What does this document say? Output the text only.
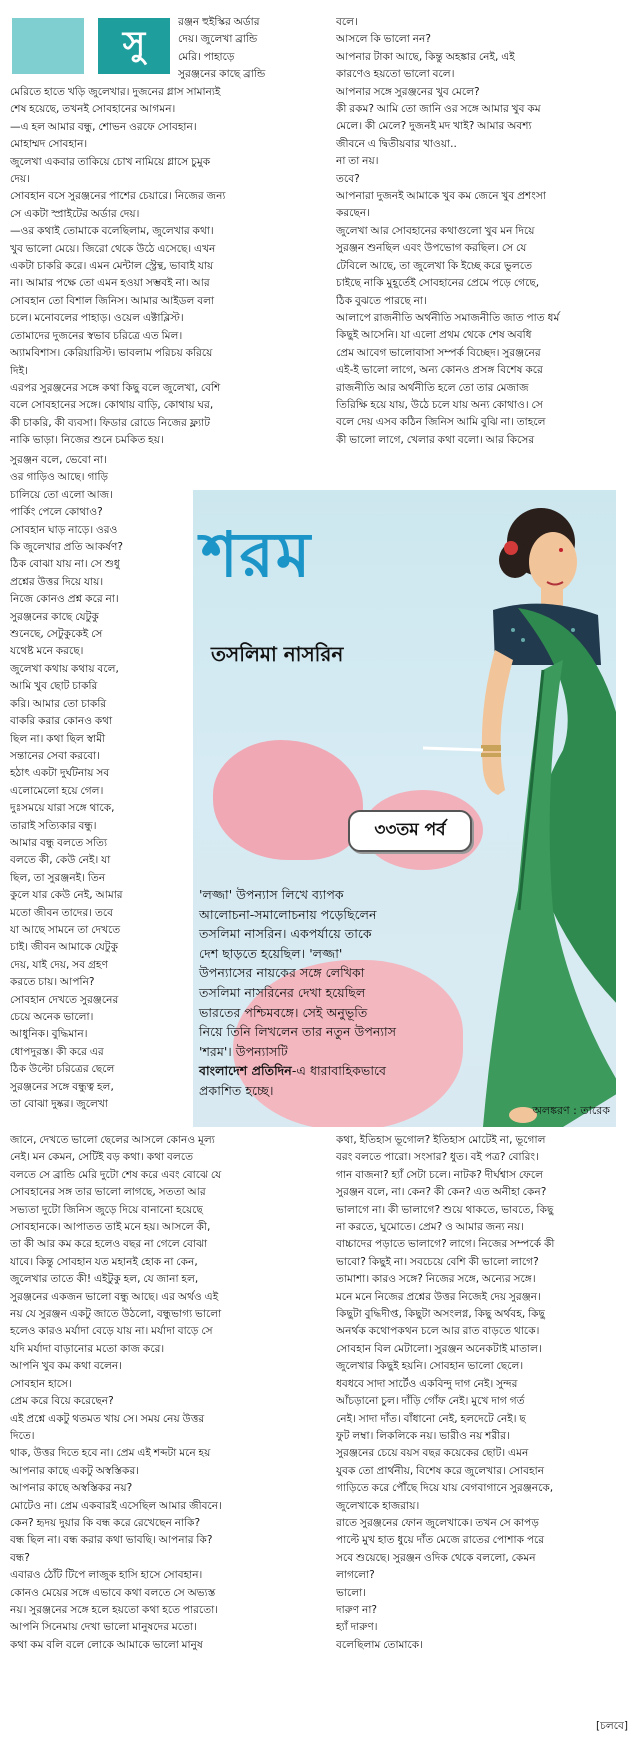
সু

রঞ্জন হুইস্কির অর্ডার

দেয়। জুলেখা ব্রান্ডি

মেরি। পাহাড়ে

সুরঞ্জনের কাছে ব্রান্ডি

মেরিতে হাতে খড়ি জুলেখার। দুজনের গ্লাস সামান্যই

শেষ হয়েছে, তখনই সোবহানের আগমন।

—এ হল আমার বন্ধু, শোভন ওরফে সোবহান।

মোহাম্মদ সোবহান।

জুলেখা একবার তাকিয়ে চোখ নামিয়ে গ্লাসে চুমুক

দেয়।

সোবহান বসে সুরঞ্জনের পাশের চেয়ারে। নিজের জন্য

সে একটা স্প্রাইটের অর্ডার দেয়।

—ওর কথাই তোমাকে বলেছিলাম, জুলেখার কথা।

খুব ভালো মেয়ে। জিরো থেকে উঠে এসেছে। এখন

একটা চাকরি করে। এমন মেন্টাল স্ট্রেন্থ, ভাবাই যায়

না। আমার পক্ষে তো এমন হওয়া সম্ভবই না। আর

সোবহান তো বিশাল জিনিস। আমার আইডল বলা

চলে। মনোবলের পাহাড়। ওয়েল এক্টাব্লিস্ট।

তোমাদের দুজনের স্বভাব চরিত্রে এত মিল।

অ্যামবিশাস। কেরিয়ারিস্ট। ভাবলাম পরিচয় করিয়ে

দিই।

এরপর সুরঞ্জনের সঙ্গে কথা কিছু বলে জুলেখা, বেশি

বলে সোবহানের সঙ্গে। কোথায় বাড়ি, কোথায় ঘর,

কী চাকরি, কী ব্যবসা। ফিডার রোডে নিজের ফ্ল্যাট

নাকি ভাড়া। নিজের শুনে চমকিত হয়।

সুরঞ্জন বলে, ভেবো না।

ওর গাড়িও আছে। গাড়ি

চালিয়ে তো এলো আজ।

পার্কিং পেলে কোথাও?

সোবহান ঘাড় নাড়ে। ওরও

কি জুলেখার প্রতি আকর্ষণ?

ঠিক বোঝা যায় না। সে শুধু

প্রশ্নের উত্তর দিয়ে যায়।

নিজে কোনও প্রশ্ন করে না।

সুরঞ্জনের কাছে যেটুকু

শুনেছে, সেটুকুকেই সে

যথেষ্ট মনে করছে।

জুলেখা কথায় কথায় বলে,

আমি খুব ছোট চাকরি

করি। আমার তো চাকরি

বাকরি করার কোনও কথা

ছিল না। কথা ছিল স্বামী

সন্তানের সেবা করবো।

হঠাৎ একটা দুর্ঘটনায় সব

এলোমেলো হয়ে গেল।

দুঃসময়ে যারা সঙ্গে থাকে,

তারাই সত্যিকার বন্ধু।

আমার বন্ধু বলতে সত্যি

বলতে কী, কেউ নেই। যা

ছিল, তা সুরঞ্জনই। তিন

কুলে যার কেউ নেই, আমার

মতো জীবন তাদের। তবে

যা আছে সামনে তা দেখতে

চাই। জীবন আমাকে যেটুকু

দেয়, যাই দেয়, সব গ্রহণ

করতে চায়। আপনি?

সোবহান দেখতে সুরঞ্জনের

চেয়ে অনেক ভালো।

আধুনিক। বুদ্ধিমান।

ধোপদুরস্ত। কী করে এর

ঠিক উল্টো চরিত্রের ছেলে

সুরঞ্জনের সঙ্গে বন্ধুত্ব হল,

তা বোঝা দুষ্কর। জুলেখা

বলে।

আসলে কি ভালো নন?

আপনার টাকা আছে, কিন্তু অহঙ্কার নেই, এই

কারণেও হয়তো ভালো বলে।

আপনার সঙ্গে সুরঞ্জনের খুব মেলে?

কী রকম? আমি তো জানি ওর সঙ্গে আমার খুব কম

মেলে। কী মেলে? দুজনই মদ খাই? আমার অবশ্য

জীবনে এ দ্বিতীয়বার খাওয়া..

না তা নয়।

তবে?

আপনারা দুজনই আমাকে খুব কম জেনে খুব প্রশংসা

করছেন।

জুলেখা আর সোবহানের কথাগুলো খুব মন দিয়ে

সুরঞ্জন শুনছিল এবং উপভোগ করছিল। সে যে

টেবিলে আছে, তা জুলেখা কি ইচ্ছে করে ভুলতে

চাইছে নাকি মুহূর্তেই সোবহানের প্রেমে পড়ে গেছে,

ঠিক বুঝতে পারছে না।

আলাপে রাজনীতি অর্থনীতি সমাজনীতি জাত পাত ধর্ম

কিছুই আসেনি। যা এলো প্রথম থেকে শেষ অবধি

প্রেম আবেগ ভালোবাসা সম্পর্ক বিচ্ছেদ। সুরঞ্জনের

এই-ই ভালো লাগে, অন্য কোনও প্রসঙ্গ বিশেষ করে

রাজনীতি আর অর্থনীতি হলে তো তার মেজাজ

তিরিক্ষি হয়ে যায়, উঠে চলে যায় অন্য কোথাও। সে

বলে দেয় এসব কঠিন জিনিস আমি বুঝি না। তাহলে

কী ভালো লাগে, খেলার কথা বলো। আর কিসের

শরম
তসলিমা নাসরিন
৩৩তম পর্ব
'লজ্জা' উপন্যাস লিখে ব্যাপক
আলোচনা-সমালোচনায় পড়েছিলেন
তসলিমা নাসরিন। একপর্যায়ে তাকে
দেশ ছাড়তে হয়েছিল। 'লজ্জা'
উপন্যাসের নায়কের সঙ্গে লেখিকা
তসলিমা নাসরিনের দেখা হয়েছিল
ভারতের পশ্চিমবঙ্গে। সেই অনুভূতি
নিয়ে তিনি লিখলেন তার নতুন উপন্যাস
'শরম'। উপন্যাসটি
বাংলাদেশ প্রতিদিন-এ ধারাবাহিকভাবে
প্রকাশিত হচ্ছে।
অলঙ্করণ : তারেক

জানে, দেখতে ভালো ছেলের আসলে কোনও মূল্য

নেই। মন কেমন, সেটিই বড় কথা। কথা বলতে

বলতে সে ব্রান্ডি মেরি দুটো শেষ করে এবং বোঝে যে

সোবহানের সঙ্গ তার ভালো লাগছে, সততা আর

সভ্যতা দুটো জিনিস জুড়ে দিয়ে বানানো হয়েছে

সোবহানকে। আপাতত তাই মনে হয়। আসলে কী,

তা কী আর কম করে হলেও বছর না গেলে বোঝা

যাবে। কিন্তু সোবহান যত মহানই হোক না কেন,

জুলেখার তাতে কী! এইটুকু হল, যে জানা হল,

সুরঞ্জনের একজন ভালো বন্ধু আছে। এর অর্থও এই

নয় যে সুরঞ্জন একটু জাতে উঠলো, বন্ধুভাগ্য ভালো

হলেও কারও মর্যাদা বেড়ে যায় না। মর্যাদা বাড়ে সে

যদি মর্যাদা বাড়ানোর মতো কাজ করে।

আপনি খুব কম কথা বলেন।

সোবহান হাসে।

প্রেম করে বিয়ে করেছেন?

এই প্রশ্নে একটু থতমত খায় সে। সময় নেয় উত্তর

দিতে।

থাক, উত্তর দিতে হবে না। প্রেম এই শব্দটা মনে হয়

আপনার কাছে একটু অস্বস্তিকর।

আপনার কাছে অস্বস্তিকর নয়?

মোটেও না। প্রেম একবারই এসেছিল আমার জীবনে।

কেন? হৃদয় দুয়ার কি বন্ধ করে রেখেছেন নাকি?

বন্ধ ছিল না। বন্ধ করার কথা ভাবছি। আপনার কি?

বন্ধ?

এবারও ঠোঁট টিপে লাজুক হাসি হাসে সোবহান।

কোনও মেয়ের সঙ্গে এভাবে কথা বলতে সে অভ্যস্ত

নয়। সুরঞ্জনের সঙ্গে হলে হয়তো কথা হতে পারতো।

আপনি সিনেমায় দেখা ভালো মানুষদের মতো।

কথা কম বলি বলে লোকে আমাকে ভালো মানুষ

কথা, ইতিহাস ভূগোল? ইতিহাস মোটেই না, ভূগোল

বরং বলতে পারো। সংসার? ধুত। বই পত্র? বোরিং।

গান বাজনা? হ্যাঁ সেটা চলে। নাটক? দীর্ঘশ্বাস ফেলে

সুরঞ্জন বলে, না। কেন? কী কেন? এত অনীহা কেন?

ভালাগে না। কী ভালাগে? শুয়ে থাকতে, ভাবতে, কিছু

না করতে, ঘুমোতে। প্রেম? ও আমার জন্য নয়।

বাচ্চাদের পড়াতে ভালাগে? লাগে। নিজের সম্পর্কে কী

ভাবো? কিছুই না। সবচেয়ে বেশি কী ভালো লাগে?

তামাশা। কারও সঙ্গে? নিজের সঙ্গে, অন্যের সঙ্গে।

মনে মনে নিজের প্রশ্নের উত্তর নিজেই দেয় সুরঞ্জন।

কিছুটা বুদ্ধিদীপ্ত, কিছুটা অসংলগ্ন, কিছু অর্থবহ, কিছু

অনর্থক কথোপকথন চলে আর রাত বাড়তে থাকে।

সোবহান বিল মেটালো। সুরঞ্জন অনেকটাই মাতাল।

জুলেখার কিছুই হয়নি। সোবহান ভালো ছেলে।

ধবধবে সাদা সার্টেও একবিন্দু দাগ নেই। সুন্দর

আঁচড়ানো চুল। দাঁড়ি গোঁফ নেই। মুখে দাগ গর্ত

নেই। সাদা দাঁত। বাঁধানো নেই, হলদেটে নেই। ছ

ফুট লম্বা। লিকলিকে নয়। ভারীও নয় শরীর।

সুরঞ্জনের চেয়ে বয়স বছর কয়েকের ছোট। এমন

যুবক তো প্রার্থনীয়, বিশেষ করে জুলেখার। সোবহান

গাড়িতে করে পৌঁছে দিয়ে যায় বেগবাগানে সুরঞ্জনকে,

জুলেখাকে হাজরায়।

রাতে সুরঞ্জনের ফোন জুলেখাকে। তখন সে কাপড়

পাল্টে মুখ হাত ধুয়ে দাঁত মেজে রাতের পোশাক পরে

সবে শুয়েছে। সুরঞ্জন ওদিক থেকে বললো, কেমন

লাগলো?

ভালো।

দারুণ না?

হ্যাঁ দারুণ।

বলেছিলাম তোমাকে।

[চলবে]
